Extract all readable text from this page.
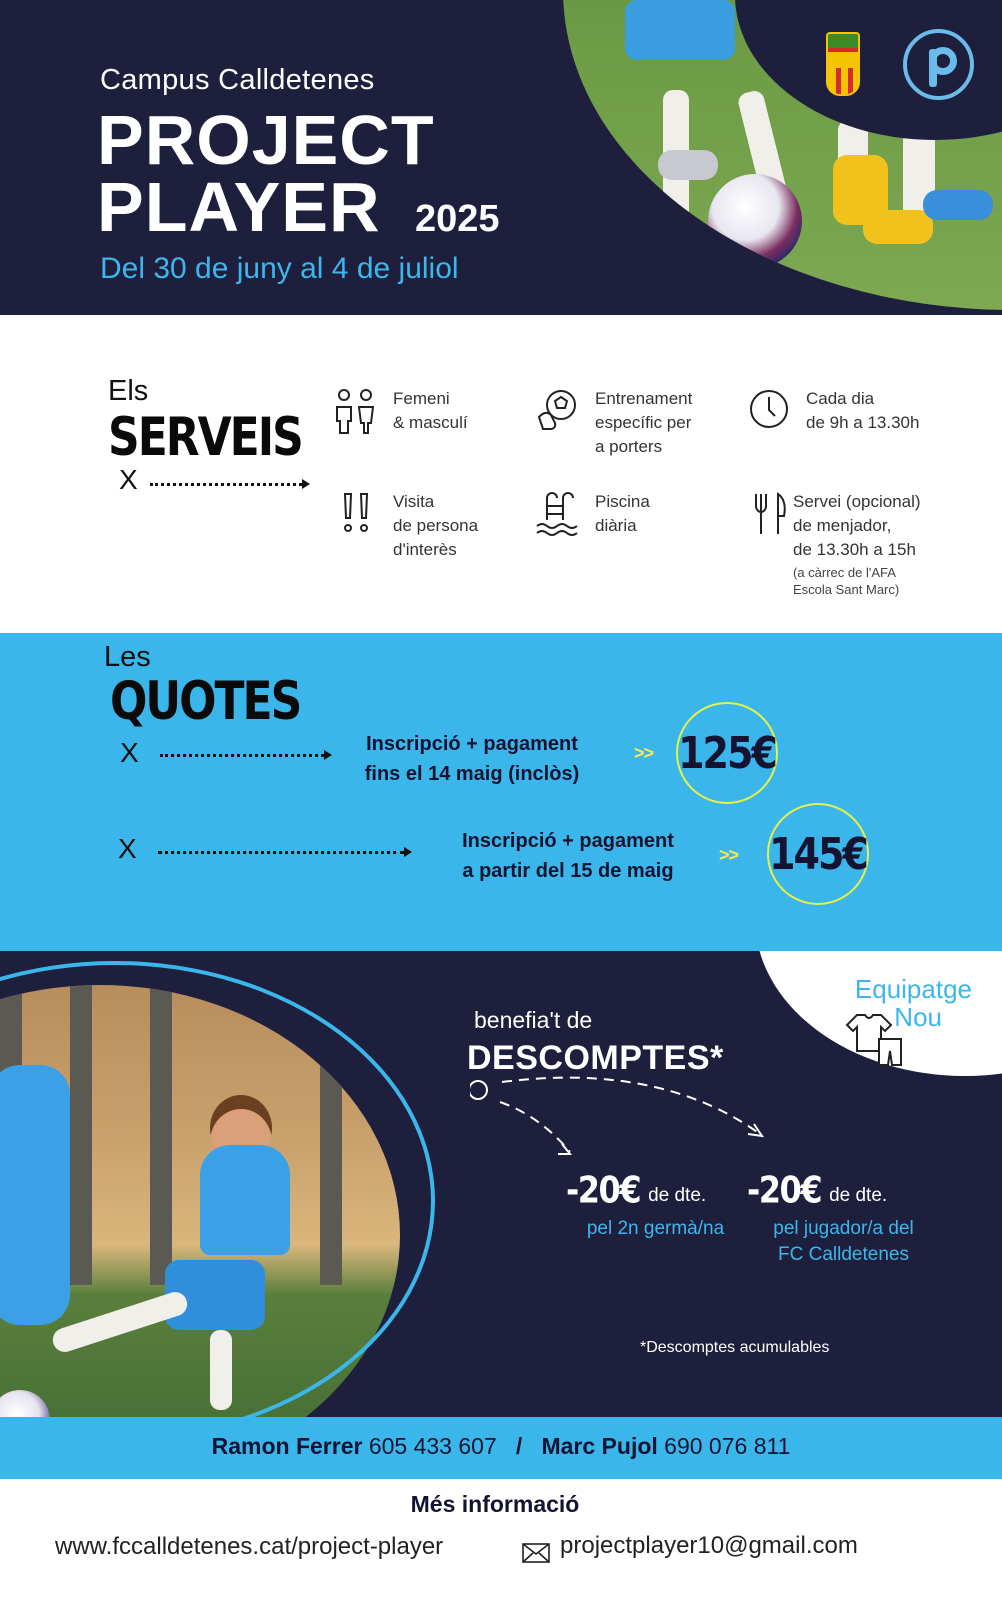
Campus Calldetenes
PROJECT
PLAYER 2025
Del 30 de juny al 4 de juliol
Els
SERVEIS
X
Femeni
& masculí
Entrenament
específic per
a porters
Cada dia
de 9h a 13.30h
Visita
de persona
d'interès
Piscina
diària
Servei (opcional)
de menjador,
de 13.30h a 15h
(a càrrec de l'AFA
Escola Sant Marc)
Les
QUOTES
X	Inscripció + pagament
fins el 14 maig (inclòs)
>> 125€
X	Inscripció + pagament
a partir del 15 de maig
>> 145€
Equipatge
Nou
benefia't de
DESCOMPTES*
-20€ de dte.
pel 2n germà/na
-20€ de dte.
pel jugador/a del
FC Calldetenes
*Descomptes acumulables
Ramon Ferrer 605 433 607 / Marc Pujol 690 076 811
Més informació
www.fccalldetenes.cat/project-player	projectplayer10@gmail.com
